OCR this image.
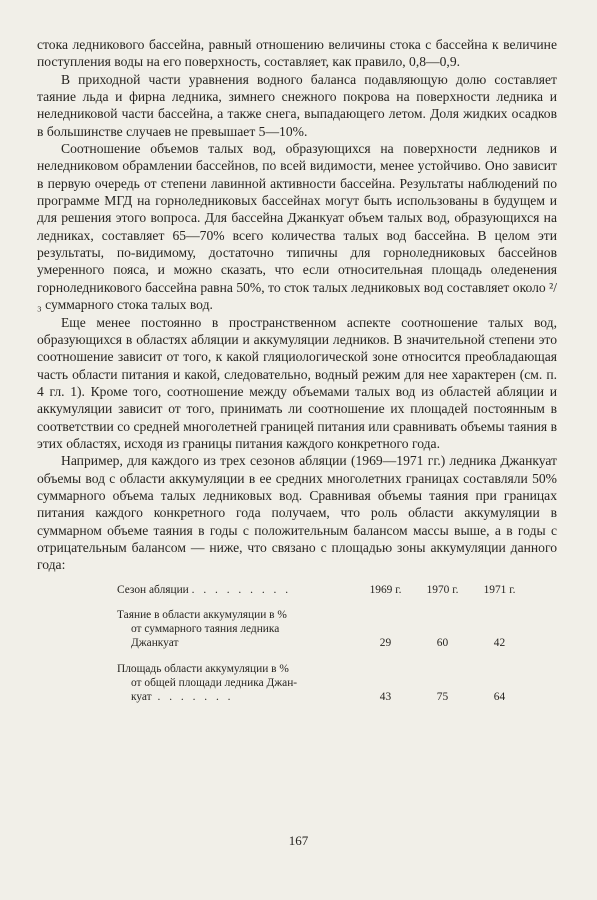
стока ледникового бассейна, равный отношению величины стока с бассейна к величине поступления воды на его поверхность, составляет, как правило, 0,8—0,9.

В приходной части уравнения водного баланса подавляющую долю составляет таяние льда и фирна ледника, зимнего снежного покрова на поверхности ледника и неледниковой части бассейна, а также снега, выпадающего летом. Доля жидких осадков в большинстве случаев не превышает 5—10%.

Соотношение объемов талых вод, образующихся на поверхности ледников и неледниковом обрамлении бассейнов, по всей видимости, менее устойчиво. Оно зависит в первую очередь от степени лавинной активности бассейна. Результаты наблюдений по программе МГД на горноледниковых бассейнах могут быть использованы в будущем и для решения этого вопроса. Для бассейна Джанкуат объем талых вод, образующихся на ледниках, составляет 65—70% всего количества талых вод бассейна. В целом эти результаты, по-видимому, достаточно типичны для горноледниковых бассейнов умеренного пояса, и можно сказать, что если относительная площадь оледенения горноледникового бассейна равна 50%, то сток талых ледниковых вод составляет около ²/₃ суммарного стока талых вод.

Еще менее постоянно в пространственном аспекте соотношение талых вод, образующихся в областях абляции и аккумуляции ледников. В значительной степени это соотношение зависит от того, к какой гляциологической зоне относится преобладающая часть области питания и какой, следовательно, водный режим для нее характерен (см. п. 4 гл. 1). Кроме того, соотношение между объемами талых вод из областей абляции и аккумуляции зависит от того, принимать ли соотношение их площадей постоянным в соответствии со средней многолетней границей питания или сравнивать объемы таяния в этих областях, исходя из границы питания каждого конкретного года.

Например, для каждого из трех сезонов абляции (1969—1971 гг.) ледника Джанкуат объемы вод с области аккумуляции в ее средних многолетних границах составляли 50% суммарного объема талых ледниковых вод. Сравнивая объемы таяния при границах питания каждого конкретного года получаем, что роль области аккумуляции в суммарном объеме таяния в годы с положительным балансом массы выше, а в годы с отрицательным балансом — ниже, что связано с площадью зоны аккумуляции данного года:

Сезон абляции . . . . . . . . .	1969 г.	1970 г.	1971 г.
Таяние в области аккумуляции в %
от суммарного таяния ледника
Джанкуат	29	60	42
Площадь области аккумуляции в %
от общей площади ледника Джан-
куат . . . . . . .	43	75	64
167
